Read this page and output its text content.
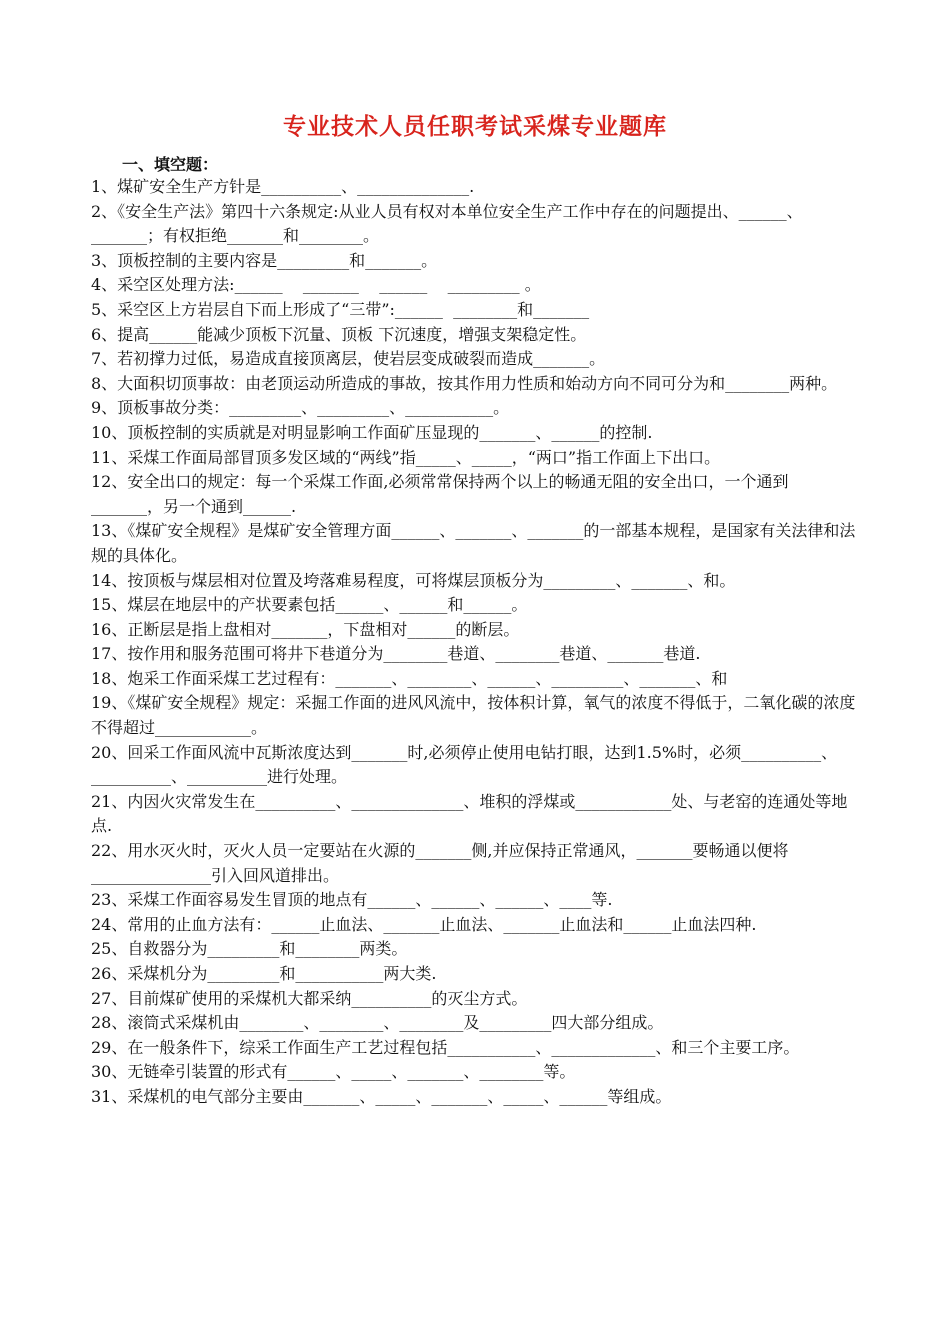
专业技术人员任职考试采煤专业题库
一、填空题：
1、煤矿安全生产方针是__________、______________.
2、《安全生产法》第四十六条规定:从业人员有权对本单位安全生产工作中存在的问题提出、______、_______；有权拒绝_______和________。
3、顶板控制的主要内容是_________和_______。
4、采空区处理方法:______    _______    ______    _________ 。
5、采空区上方岩层自下而上形成了“三带”:______  ________和_______
6、提高______能减少顶板下沉量、顶板 下沉速度，增强支架稳定性。
7、若初撑力过低，易造成直接顶离层，使岩层变成破裂而造成_______。
8、大面积切顶事故：由老顶运动所造成的事故，按其作用力性质和始动方向不同可分为和________两种。
9、顶板事故分类：_________、_________、___________。
10、顶板控制的实质就是对明显影响工作面矿压显现的_______、______的控制.
11、采煤工作面局部冒顶多发区域的“两线”指_____、_____，“两口”指工作面上下出口。
12、安全出口的规定：每一个采煤工作面,必须常常保持两个以上的畅通无阻的安全出口，一个通到_______，另一个通到______.
13、《煤矿安全规程》是煤矿安全管理方面______、_______、_______的一部基本规程，是国家有关法律和法规的具体化。
14、按顶板与煤层相对位置及垮落难易程度，可将煤层顶板分为_________、_______、和。
15、煤层在地层中的产状要素包括______、______和______。
16、正断层是指上盘相对_______，下盘相对______的断层。
17、按作用和服务范围可将井下巷道分为________巷道、________巷道、_______巷道.
18、炮采工作面采煤工艺过程有：_______、________、______、_________、_______、和
19、《煤矿安全规程》规定：采掘工作面的进风风流中，按体积计算，氧气的浓度不得低于，二氧化碳的浓度不得超过____________。
20、回采工作面风流中瓦斯浓度达到_______时,必须停止使用电钻打眼，达到1.5%时，必须__________、__________、__________进行处理。
21、内因火灾常发生在__________、______________、堆积的浮煤或____________处、与老窑的连通处等地点.
22、用水灭火时，灭火人员一定要站在火源的_______侧,并应保持正常通风，_______要畅通以便将_______________引入回风道排出。
23、采煤工作面容易发生冒顶的地点有______、______、______、____等.
24、常用的止血方法有：______止血法、_______止血法、_______止血法和______止血法四种.
25、自救器分为_________和________两类。
26、采煤机分为_________和___________两大类.
27、目前煤矿使用的采煤机大都采纳__________的灭尘方式。
28、滚筒式采煤机由________、________、________及_________四大部分组成。
29、在一般条件下，综采工作面生产工艺过程包括___________、_____________、和三个主要工序。
30、无链牵引装置的形式有______、_____、_______、________等。
31、采煤机的电气部分主要由_______、_____、_______、_____、______等组成。
